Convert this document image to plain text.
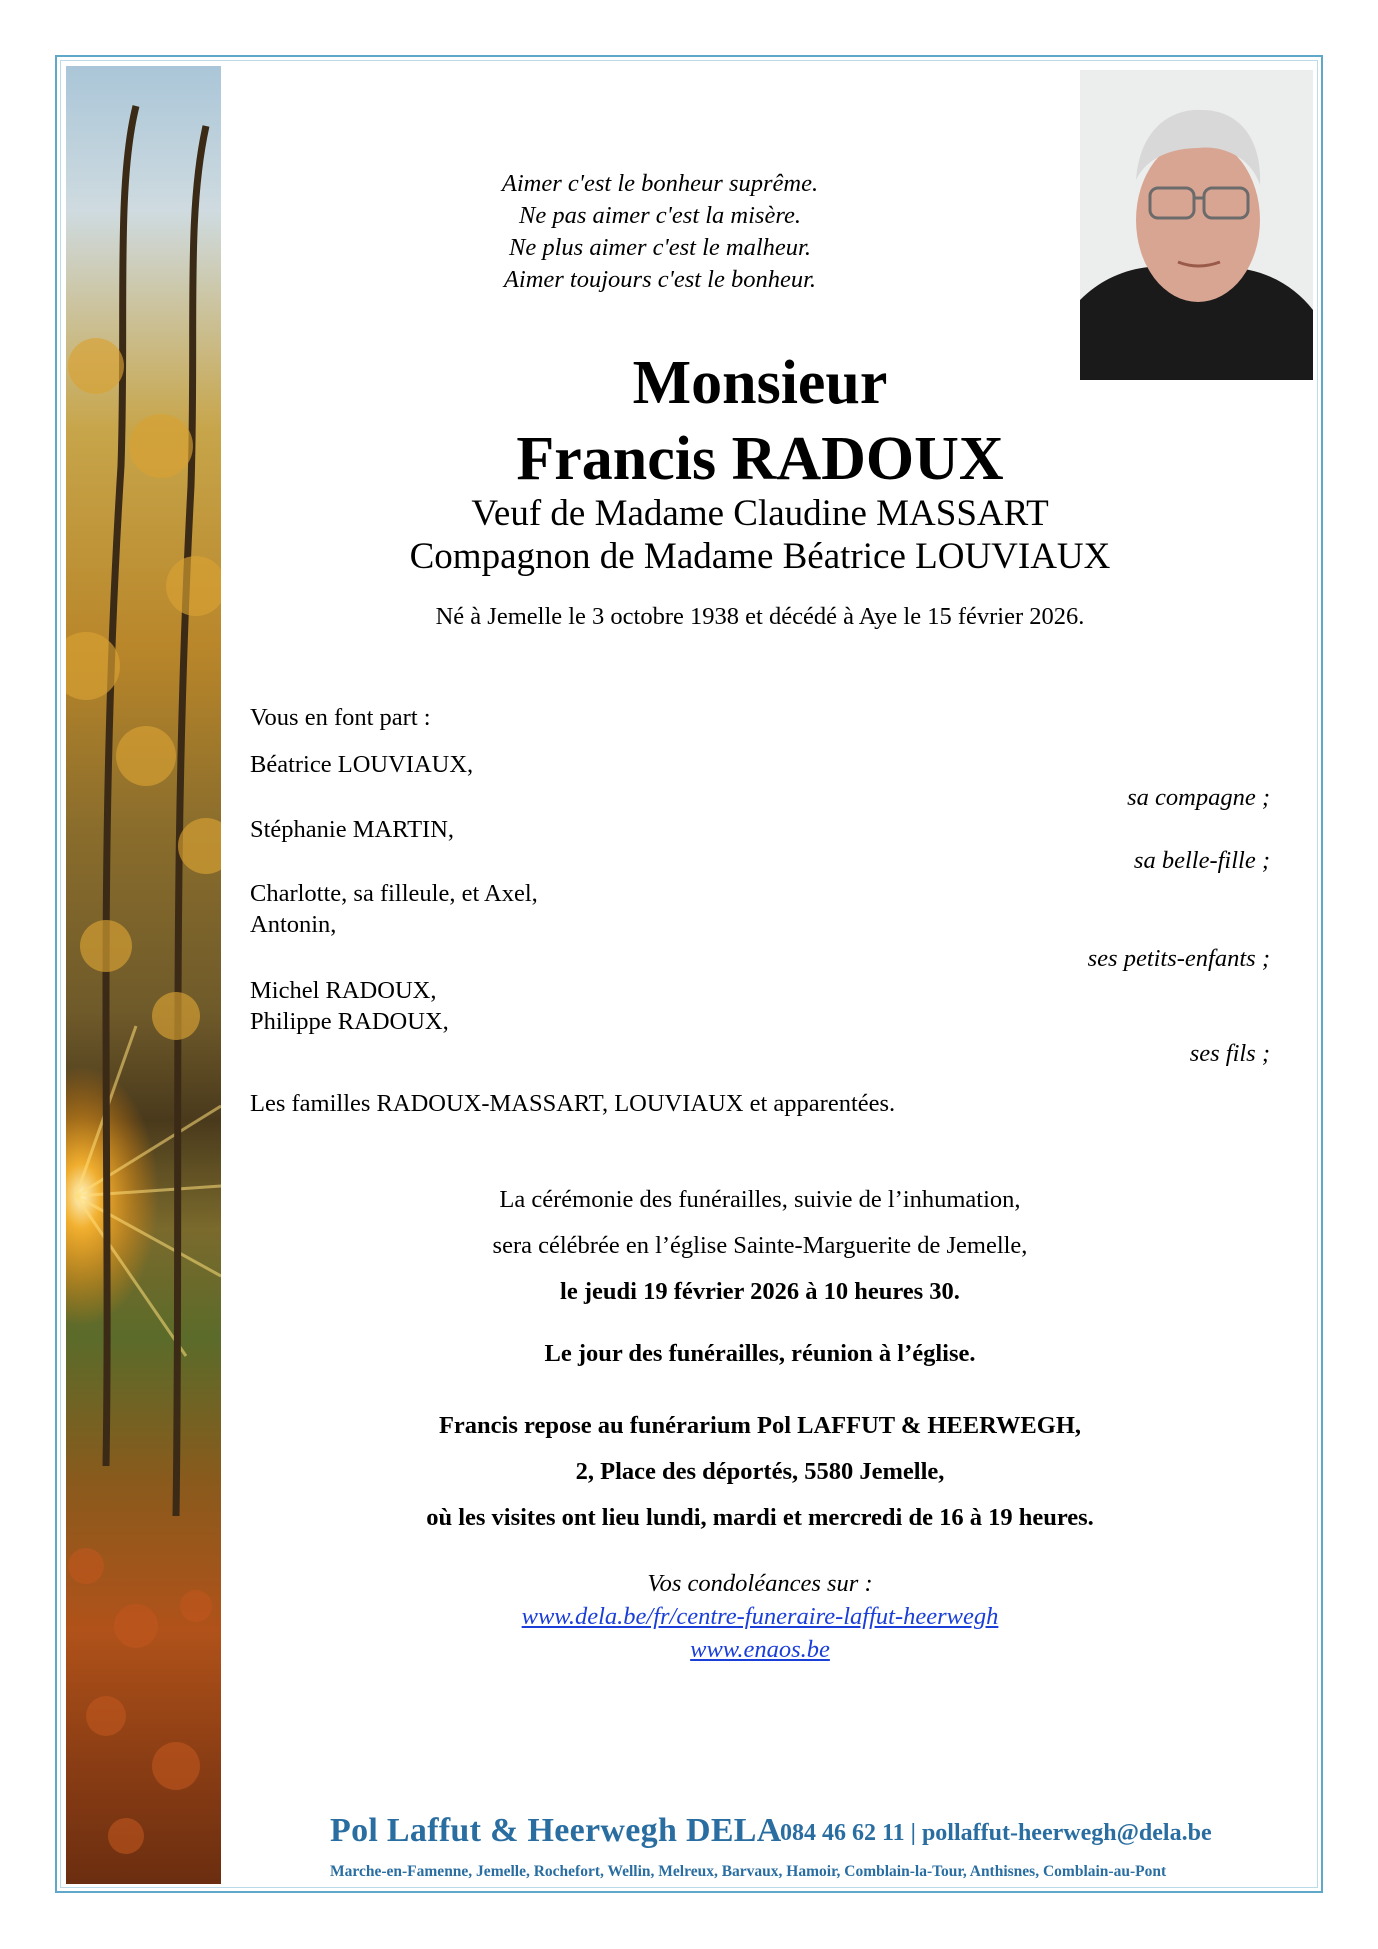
Aimer c'est le bonheur suprême.
Ne pas aimer c'est la misère.
Ne plus aimer c'est le malheur.
Aimer toujours c'est le bonheur.
Monsieur
Francis RADOUX
Veuf de Madame Claudine MASSART
Compagnon de Madame Béatrice LOUVIAUX
Né à Jemelle le 3 octobre 1938 et décédé à Aye le 15 février 2026.
Vous en font part :
Béatrice LOUVIAUX,
sa compagne ;
Stéphanie MARTIN,
sa belle-fille ;
Charlotte, sa filleule, et Axel,
Antonin,
ses petits-enfants ;
Michel RADOUX,
Philippe RADOUX,
ses fils ;
Les familles RADOUX-MASSART, LOUVIAUX et apparentées.
La cérémonie des funérailles, suivie de l’inhumation,
sera célébrée en l’église Sainte-Marguerite de Jemelle,
le jeudi 19 février 2026 à 10 heures 30.
Le jour des funérailles, réunion à l’église.
Francis repose au funérarium Pol LAFFUT & HEERWEGH,
2, Place des déportés, 5580 Jemelle,
où les visites ont lieu lundi, mardi et mercredi de 16 à 19 heures.
Vos condoléances sur :
www.dela.be/fr/centre-funeraire-laffut-heerwegh
www.enaos.be
Pol Laffut & Heerwegh DELA
084 46 62 11 | pollaffut-heerwegh@dela.be
Marche-en-Famenne, Jemelle, Rochefort, Wellin, Melreux, Barvaux, Hamoir, Comblain-la-Tour, Anthisnes, Comblain-au-Pont
